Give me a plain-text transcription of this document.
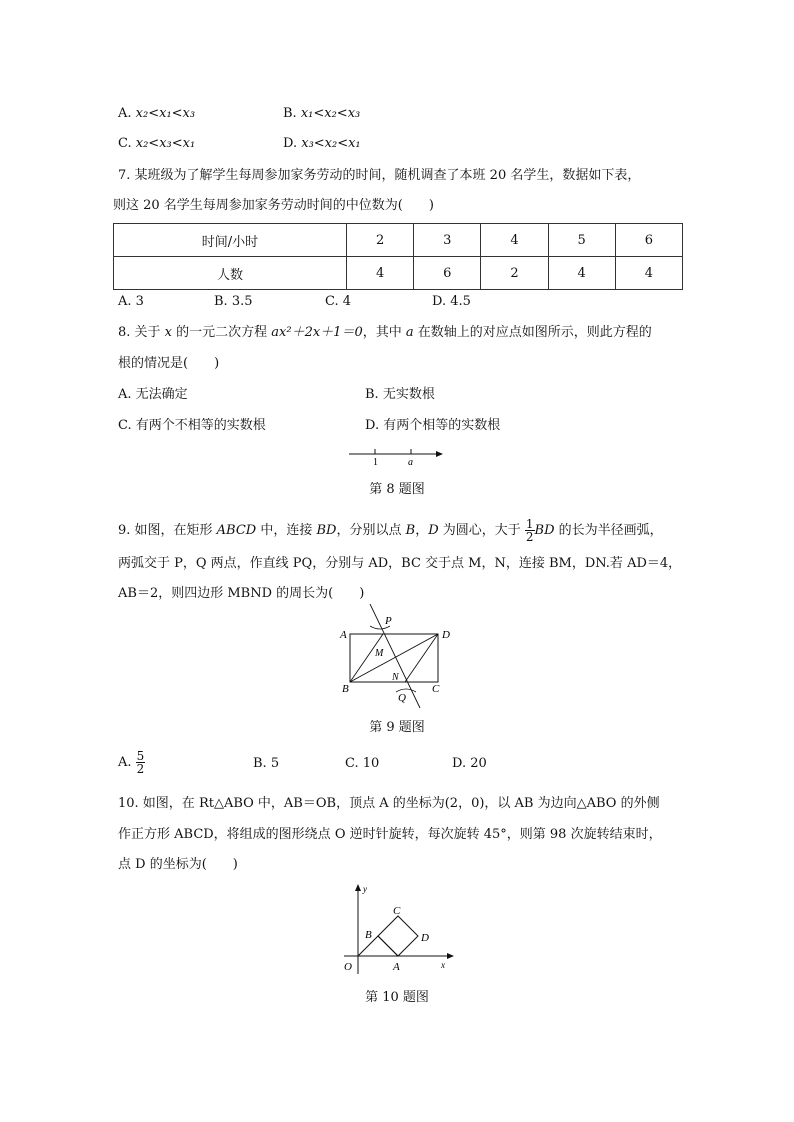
A. x₂<x₁<x₃	B. x₁<x₂<x₃
C. x₂<x₃<x₁	D. x₃<x₂<x₁
7. 某班级为了解学生每周参加家务劳动的时间，随机调查了本班 20 名学生，数据如下表，
则这 20 名学生每周参加家务劳动时间的中位数为(　　)
时间/小时	2	3	4	5	6
人数	4	6	2	4	4
A. 3	B. 3.5	C. 4	D. 4.5
8. 关于 x 的一元二次方程 ax²＋2x＋1＝0，其中 a 在数轴上的对应点如图所示，则此方程的
根的情况是(　　)
A. 无法确定	B. 无实数根
C. 有两个不相等的实数根	D. 有两个相等的实数根
1	a
第 8 题图
9. 如图，在矩形 ABCD 中，连接 BD，分别以点 B，D 为圆心，大于 $\frac{1}{2}$ BD 的长为半径画弧，
两弧交于 P，Q 两点，作直线 PQ，分别与 AD，BC 交于点 M，N，连接 BM，DN.若 AD＝4，
AB＝2，则四边形 MBND 的周长为(　　)
A
B	C
D
P
Q
M
N
第 9 题图
A. $\frac{5}{2}$	B. 5	C. 10	D. 20
10. 如图，在 Rt△ABO 中，AB＝OB，顶点 A 的坐标为(2，0)，以 AB 为边向△ABO 的外侧
作正方形 ABCD，将组成的图形绕点 O 逆时针旋转，每次旋转 45°，则第 98 次旋转结束时，
点 D 的坐标为(　　)
O	A
B
C
D
x
y
第 10 题图
